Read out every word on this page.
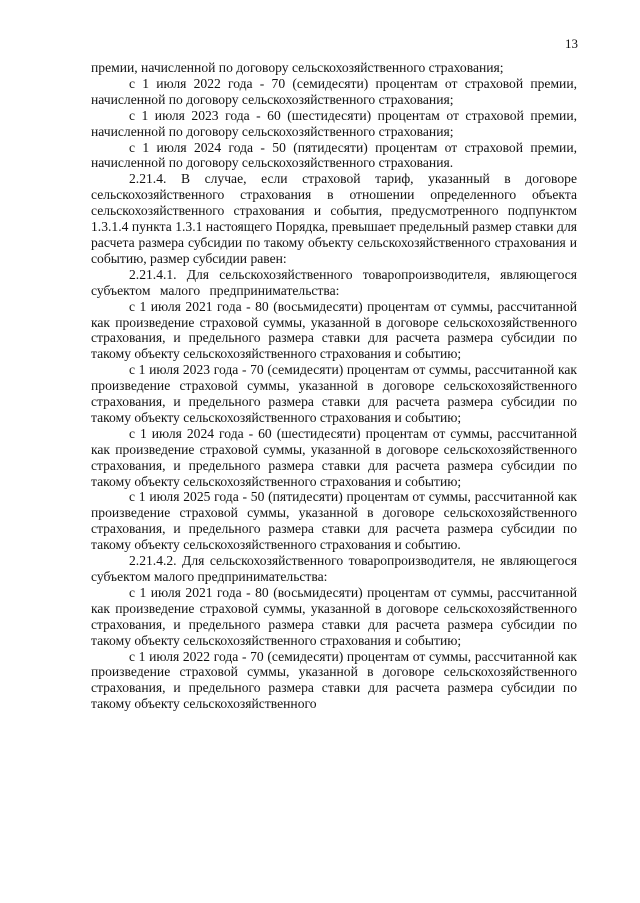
13

премии, начисленной по договору сельскохозяйственного страхования;

с 1 июля 2022 года - 70 (семидесяти) процентам от страховой премии, начисленной по договору сельскохозяйственного страхования;

с 1 июля 2023 года - 60 (шестидесяти) процентам от страховой премии, начисленной по договору сельскохозяйственного страхования;

с 1 июля 2024 года - 50 (пятидесяти) процентам от страховой премии, начисленной по договору сельскохозяйственного страхования.

2.21.4. В случае, если страховой тариф, указанный в договоре сельскохозяйственного страхования в отношении определенного объекта сельскохозяйственного страхования и события, предусмотренного подпунктом 1.3.1.4 пункта 1.3.1 настоящего Порядка, превышает предельный размер ставки для расчета размера субсидии по такому объекту сельскохозяйственного страхования и событию, размер субсидии равен:

2.21.4.1. Для сельскохозяйственного товаропроизводителя, являющегося субъектом малого предпринимательства:

с 1 июля 2021 года - 80 (восьмидесяти) процентам от суммы, рассчитанной как произведение страховой суммы, указанной в договоре сельскохозяйственного страхования, и предельного размера ставки для расчета размера субсидии по такому объекту сельскохозяйственного страхования и событию;

с 1 июля 2023 года - 70 (семидесяти) процентам от суммы, рассчитанной как произведение страховой суммы, указанной в договоре сельскохозяйственного страхования, и предельного размера ставки для расчета размера субсидии по такому объекту сельскохозяйственного страхования и событию;

с 1 июля 2024 года - 60 (шестидесяти) процентам от суммы, рассчитанной как произведение страховой суммы, указанной в договоре сельскохозяйственного страхования, и предельного размера ставки для расчета размера субсидии по такому объекту сельскохозяйственного страхования и событию;

с 1 июля 2025 года - 50 (пятидесяти) процентам от суммы, рассчитанной как произведение страховой суммы, указанной в договоре сельскохозяйственного страхования, и предельного размера ставки для расчета размера субсидии по такому объекту сельскохозяйственного страхования и событию.

2.21.4.2. Для сельскохозяйственного товаропроизводителя, не являющегося субъектом малого предпринимательства:

с 1 июля 2021 года - 80 (восьмидесяти) процентам от суммы, рассчитанной как произведение страховой суммы, указанной в договоре сельскохозяйственного страхования, и предельного размера ставки для расчета размера субсидии по такому объекту сельскохозяйственного страхования и событию;

с 1 июля 2022 года - 70 (семидесяти) процентам от суммы, рассчитанной как произведение страховой суммы, указанной в договоре сельскохозяйственного страхования, и предельного размера ставки для расчета размера субсидии по такому объекту сельскохозяйственного
